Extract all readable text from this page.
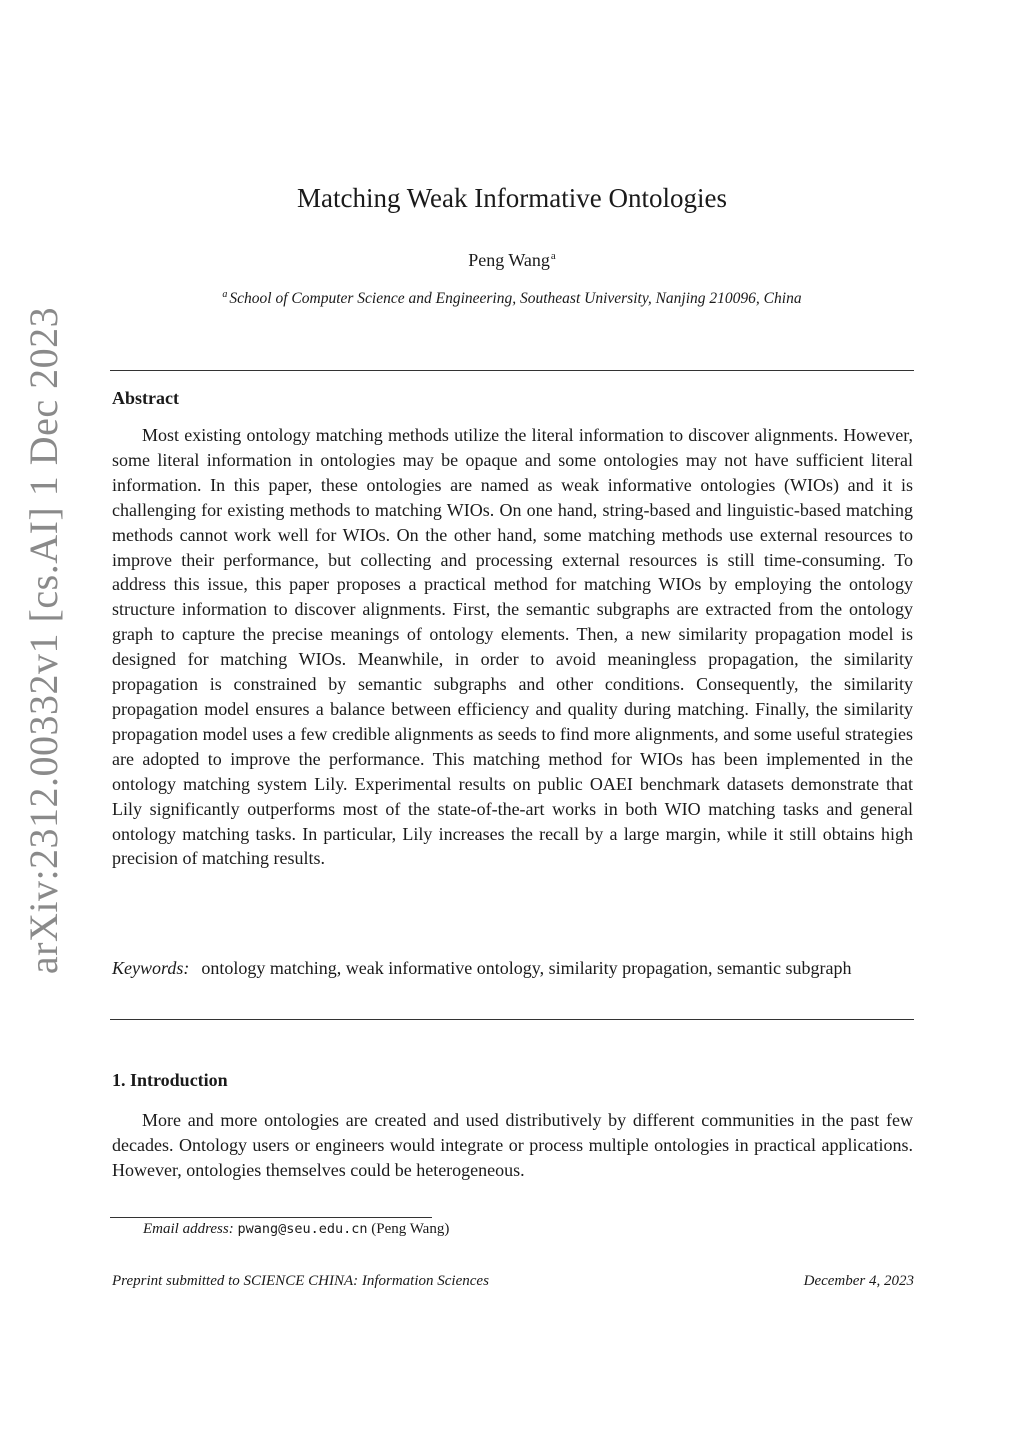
arXiv:2312.00332v1 [cs.AI] 1 Dec 2023
Matching Weak Informative Ontologies
Peng Wang$^a$
$^a$ School of Computer Science and Engineering, Southeast University, Nanjing 210096, China
Abstract

Most existing ontology matching methods utilize the literal information to discover alignments. However, some literal information in ontologies may be opaque and some ontologies may not have sufficient literal information. In this paper, these ontologies are named as weak informative ontologies (WIOs) and it is challenging for existing methods to matching WIOs. On one hand, string-based and linguistic-based matching methods cannot work well for WIOs. On the other hand, some matching methods use external resources to improve their performance, but collecting and processing external resources is still time-consuming. To address this issue, this paper proposes a practical method for matching WIOs by employing the ontology structure information to discover alignments. First, the semantic subgraphs are extracted from the ontology graph to capture the precise meanings of ontology elements. Then, a new similarity propagation model is designed for matching WIOs. Meanwhile, in order to avoid meaningless propagation, the similarity propagation is constrained by semantic subgraphs and other conditions. Consequently, the similarity propagation model ensures a balance between efficiency and quality during matching. Finally, the similarity propagation model uses a few credible alignments as seeds to find more alignments, and some useful strategies are adopted to improve the performance. This matching method for WIOs has been implemented in the ontology matching system Lily. Experimental results on public OAEI benchmark datasets demonstrate that Lily significantly outperforms most of the state-of-the-art works in both WIO matching tasks and general ontology matching tasks. In particular, Lily increases the recall by a large margin, while it still obtains high precision of matching results.

Keywords: ontology matching, weak informative ontology, similarity propagation, semantic subgraph
1. Introduction

More and more ontologies are created and used distributively by different communities in the past few decades. Ontology users or engineers would integrate or process multiple ontologies in practical applications. However, ontologies themselves could be heterogeneous.

Email address: pwang@seu.edu.cn (Peng Wang)
Preprint submitted to SCIENCE CHINA: Information Sciences	December 4, 2023
